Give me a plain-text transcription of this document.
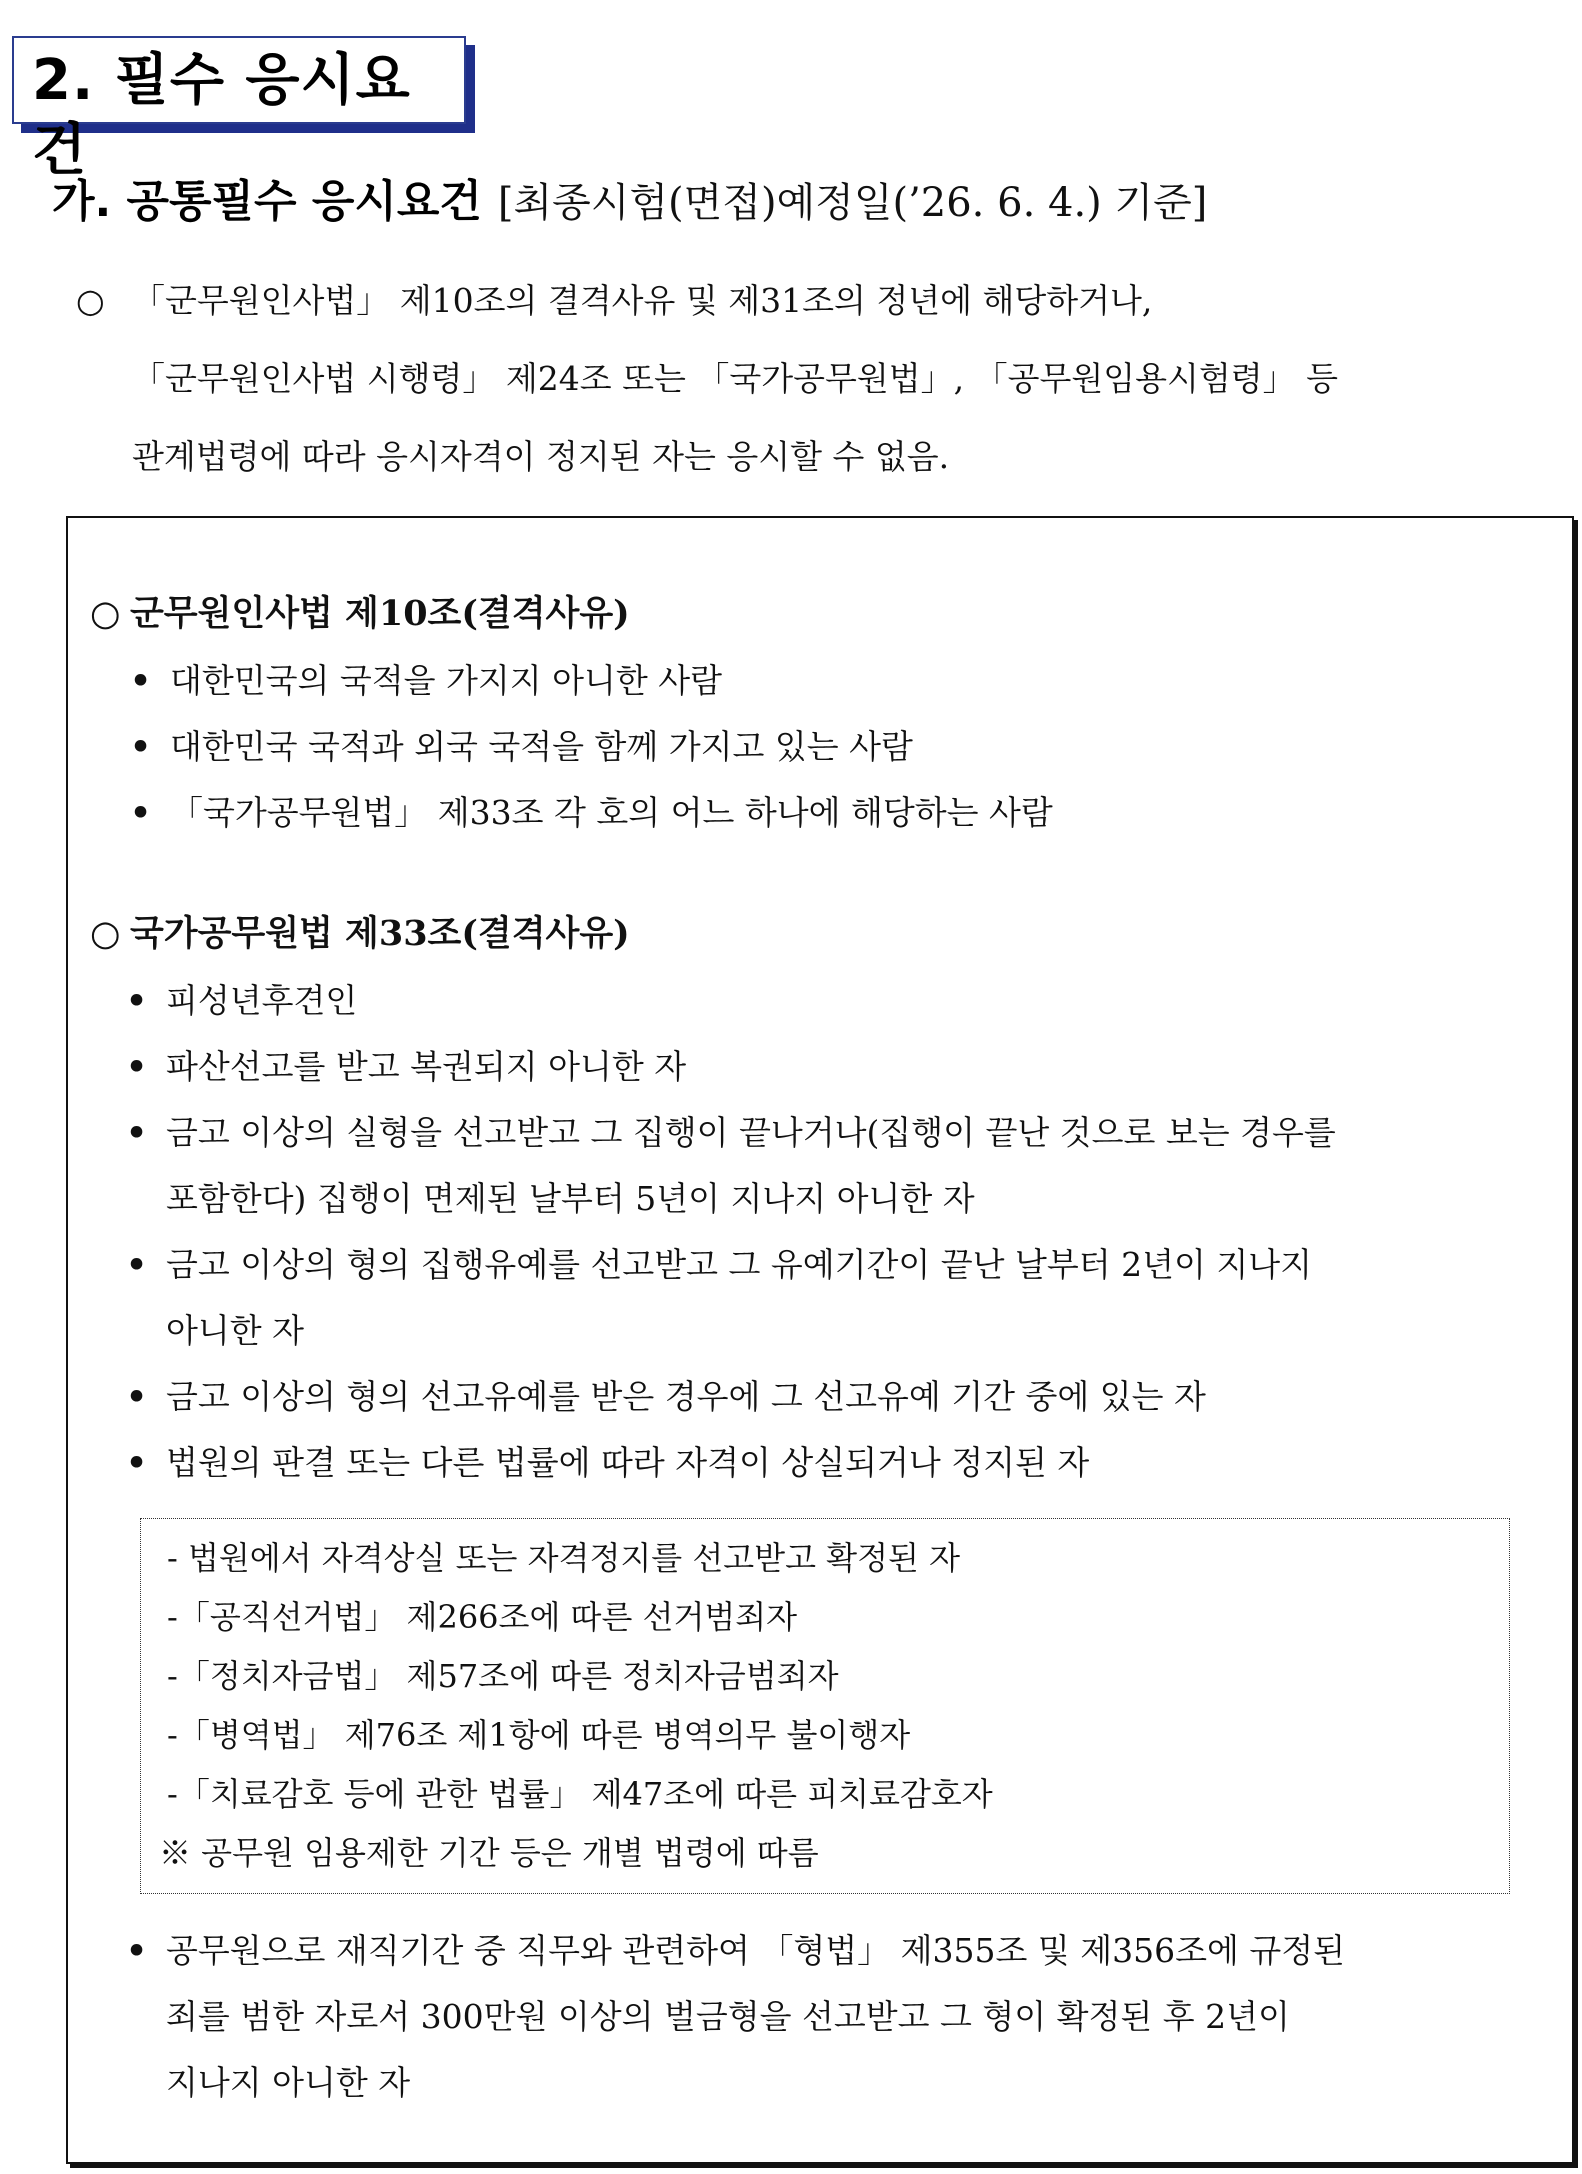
2. 필수 응시요건
가. 공통필수 응시요건 [최종시험(면접)예정일(’26. 6. 4.) 기준]
○ 「군무원인사법」 제10조의 결격사유 및 제31조의 정년에 해당하거나,
「군무원인사법 시행령」 제24조 또는 「국가공무원법」, 「공무원임용시험령」 등
관계법령에 따라 응시자격이 정지된 자는 응시할 수 없음.
○ 군무원인사법 제10조(결격사유)
• 대한민국의 국적을 가지지 아니한 사람
• 대한민국 국적과 외국 국적을 함께 가지고 있는 사람
• 「국가공무원법」 제33조 각 호의 어느 하나에 해당하는 사람
○ 국가공무원법 제33조(결격사유)
• 피성년후견인
• 파산선고를 받고 복권되지 아니한 자
• 금고 이상의 실형을 선고받고 그 집행이 끝나거나(집행이 끝난 것으로 보는 경우를
포함한다) 집행이 면제된 날부터 5년이 지나지 아니한 자
• 금고 이상의 형의 집행유예를 선고받고 그 유예기간이 끝난 날부터 2년이 지나지
아니한 자
• 금고 이상의 형의 선고유예를 받은 경우에 그 선고유예 기간 중에 있는 자
• 법원의 판결 또는 다른 법률에 따라 자격이 상실되거나 정지된 자
- 법원에서 자격상실 또는 자격정지를 선고받고 확정된 자
-「공직선거법」 제266조에 따른 선거범죄자
-「정치자금법」 제57조에 따른 정치자금범죄자
-「병역법」 제76조 제1항에 따른 병역의무 불이행자
-「치료감호 등에 관한 법률」 제47조에 따른 피치료감호자
※ 공무원 임용제한 기간 등은 개별 법령에 따름
• 공무원으로 재직기간 중 직무와 관련하여 「형법」 제355조 및 제356조에 규정된
죄를 범한 자로서 300만원 이상의 벌금형을 선고받고 그 형이 확정된 후 2년이
지나지 아니한 자
